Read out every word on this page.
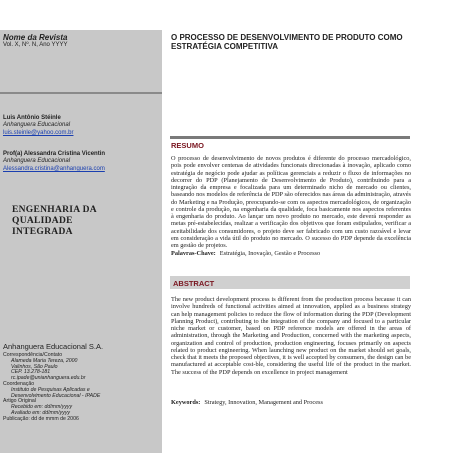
Nome da Revista
Vol. X, Nº. N, Ano YYYY
Luis Antônio Stéinle
Anhanguera Educacional
luis.steinle@yahoo.com.br
Prof(a) Alessandra Cristina Vicentin
Anhanguera Educacional
Alessandra.cristina@anhanguera.com
ENGENHARIA DA
QUALIDADE
INTEGRADA
Anhanguera Educacional S.A.
Correspondência/Contato
Alameda Maria Tereza, 2000
Valinhos, São Paulo
CEP. 13.278-181
rc.ipade@unianhanguera.edu.br
Coordenação
Instituto de Pesquisas Aplicadas e
Desenvolvimento Educacional - IPADE
Artigo Original
Recebido em: dd/mm/yyyy
Avaliado em: dd/mm/yyyy
Publicação: dd de mmm de 2006
O PROCESSO DE DESENVOLVIMENTO DE PRODUTO COMO ESTRATÉGIA COMPETITIVA
RESUMO
O processo de desenvolvimento de novos produtos é diferente do processo mercadológico, pois pode envolver centenas de atividades funcionais direcionadas à inovação, aplicado como estratégia de negócio pode ajudar as políticas gerenciais a reduzir o fluxo de informações no decorrer do PDP (Planejamento de Desenvolvimento de Produto), contribuindo para a integração da empresa e focalizada para um determinado nicho de mercado ou clientes, baseando nos modelos de referência de PDP são oferecidos nas áreas da administração, através do Marketing e na Produção, preocupando-se com os aspectos mercadológicos, de organização e controle da produção, na engenharia da qualidade, foca basicamente nos aspectos referentes à engenharia do produto. Ao lançar um novo produto no mercado, este deverá responder as metas pré-estabelecidas, realizar a verificação dos objetivos que foram estipulados, verificar a aceitabilidade dos consumidores, o projeto deve ser fabricado com um custo razoável e levar em consideração a vida útil do produto no mercado. O sucesso do PDP depende da excelência em gestão de projetos.
Palavras-Chave: Estratégia, Inovação, Gestão e Processo
ABSTRACT
The new product development process is different from the production process because it can involve hundreds of functional activities aimed at innovation, applied as a business strategy can help management policies to reduce the flow of information during the PDP (Development Planning Product), contributing to the integration of the company and focused to a particular niche market or customer, based on PDP reference models are offered in the areas of administration, through the Marketing and Production, concerned with the marketing aspects, organization and control of production, production engineering, focuses primarily on aspects related to product engineering. When launching new product on the market should set goals, check that it meets the proposed objectives, it is well accepted by consumers, the design can be manufactured at acceptable cost-ble, considering the useful life of the product in the market. The success of the PDP depends on excellence in project management
Keywords: Strategy, Innovation, Management and Process
